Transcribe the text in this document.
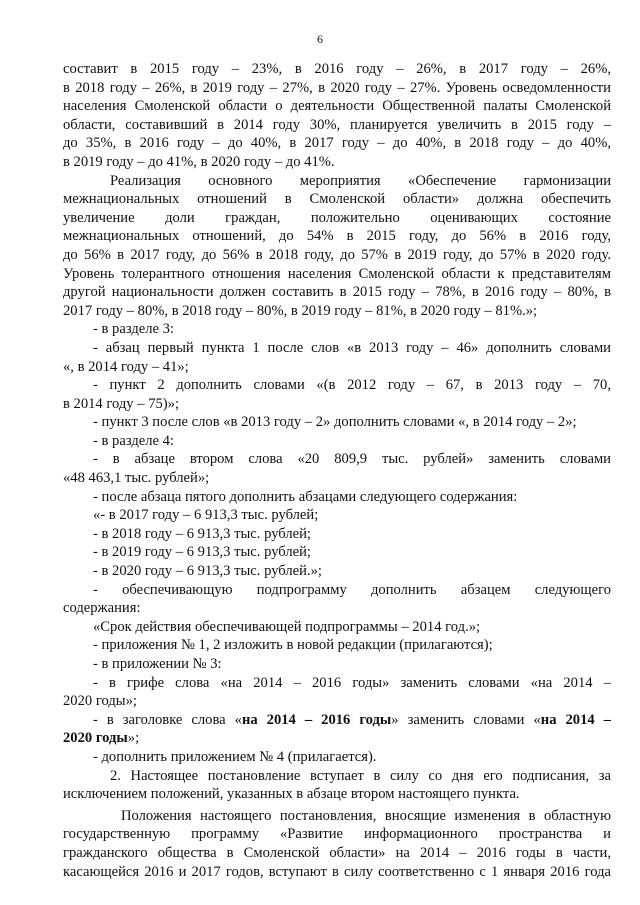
6
составит в 2015 году – 23%, в 2016 году – 26%, в 2017 году – 26%,
в 2018 году – 26%, в 2019 году – 27%, в 2020 году – 27%. Уровень осведомленности
населения Смоленской области о деятельности Общественной палаты Смоленской
области, составивший в 2014 году 30%, планируется увеличить в 2015 году –
до 35%, в 2016 году – до 40%, в 2017 году – до 40%, в 2018 году – до 40%,
в 2019 году – до 41%, в 2020 году – до 41%.
Реализация основного мероприятия «Обеспечение гармонизации
межнациональных отношений в Смоленской области» должна обеспечить
увеличение доли граждан, положительно оценивающих состояние
межнациональных отношений, до 54% в 2015 году, до 56% в 2016 году,
до 56% в 2017 году, до 56% в 2018 году, до 57% в 2019 году, до 57% в 2020 году.
Уровень толерантного отношения населения Смоленской области к представителям
другой национальности должен составить в 2015 году – 78%, в 2016 году – 80%, в
2017 году – 80%, в 2018 году – 80%, в 2019 году – 81%, в 2020 году – 81%.»;
- в разделе 3:
- абзац первый пункта 1 после слов «в 2013 году – 46» дополнить словами
«, в 2014 году – 41»;
- пункт 2 дополнить словами «(в 2012 году – 67, в 2013 году – 70,
в 2014 году – 75)»;
- пункт 3 после слов «в 2013 году – 2» дополнить словами «, в 2014 году – 2»;
- в разделе 4:
- в абзаце втором слова «20 809,9 тыс. рублей» заменить словами
«48 463,1 тыс. рублей»;
- после абзаца пятого дополнить абзацами следующего содержания:
«- в 2017 году – 6 913,3 тыс. рублей;
- в 2018 году – 6 913,3 тыс. рублей;
- в 2019 году – 6 913,3 тыс. рублей;
- в 2020 году – 6 913,3 тыс. рублей.»;
- обеспечивающую подпрограмму дополнить абзацем следующего
содержания:
«Срок действия обеспечивающей подпрограммы – 2014 год.»;
- приложения № 1, 2 изложить в новой редакции (прилагаются);
- в приложении № 3:
- в грифе слова «на 2014 – 2016 годы» заменить словами «на 2014 –
2020 годы»;
- в заголовке слова «на 2014 – 2016 годы» заменить словами «на 2014 –
2020 годы»;
- дополнить приложением № 4 (прилагается).
2. Настоящее постановление вступает в силу со дня его подписания, за
исключением положений, указанных в абзаце втором настоящего пункта.
Положения настоящего постановления, вносящие изменения в областную
государственную программу «Развитие информационного пространства и
гражданского общества в Смоленской области» на 2014 – 2016 годы в части,
касающейся 2016 и 2017 годов, вступают в силу соответственно с 1 января 2016 года
